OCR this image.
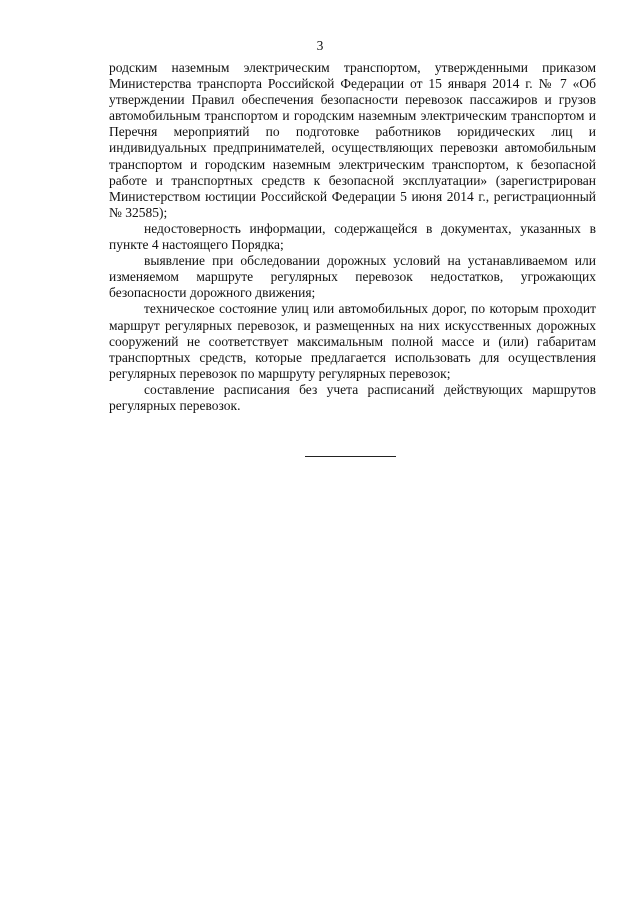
3

родским наземным электрическим транспортом, утвержденными приказом Министерства транспорта Российской Федерации от 15 января 2014 г. № 7 «Об утверждении Правил обеспечения безопасности перевозок пассажиров и грузов автомобильным транспортом и городским наземным электрическим транспортом и Перечня мероприятий по подготовке работников юридических лиц и индивидуальных предпринимателей, осуществляющих перевозки автомобильным транспортом и городским наземным электрическим транспортом, к безопасной работе и транспортных средств к безопасной эксплуатации» (зарегистрирован Министерством юстиции Российской Федерации 5 июня 2014 г., регистрационный № 32585);

недостоверность информации, содержащейся в документах, указанных в пункте 4 настоящего Порядка;

выявление при обследовании дорожных условий на устанавливаемом или изменяемом маршруте регулярных перевозок недостатков, угрожающих безопасности дорожного движения;

техническое состояние улиц или автомобильных дорог, по которым проходит маршрут регулярных перевозок, и размещенных на них искусственных дорожных сооружений не соответствует максимальным полной массе и (или) габаритам транспортных средств, которые предлагается использовать для осуществления регулярных перевозок по маршруту регулярных перевозок;

составление расписания без учета расписаний действующих маршрутов регулярных перевозок.
